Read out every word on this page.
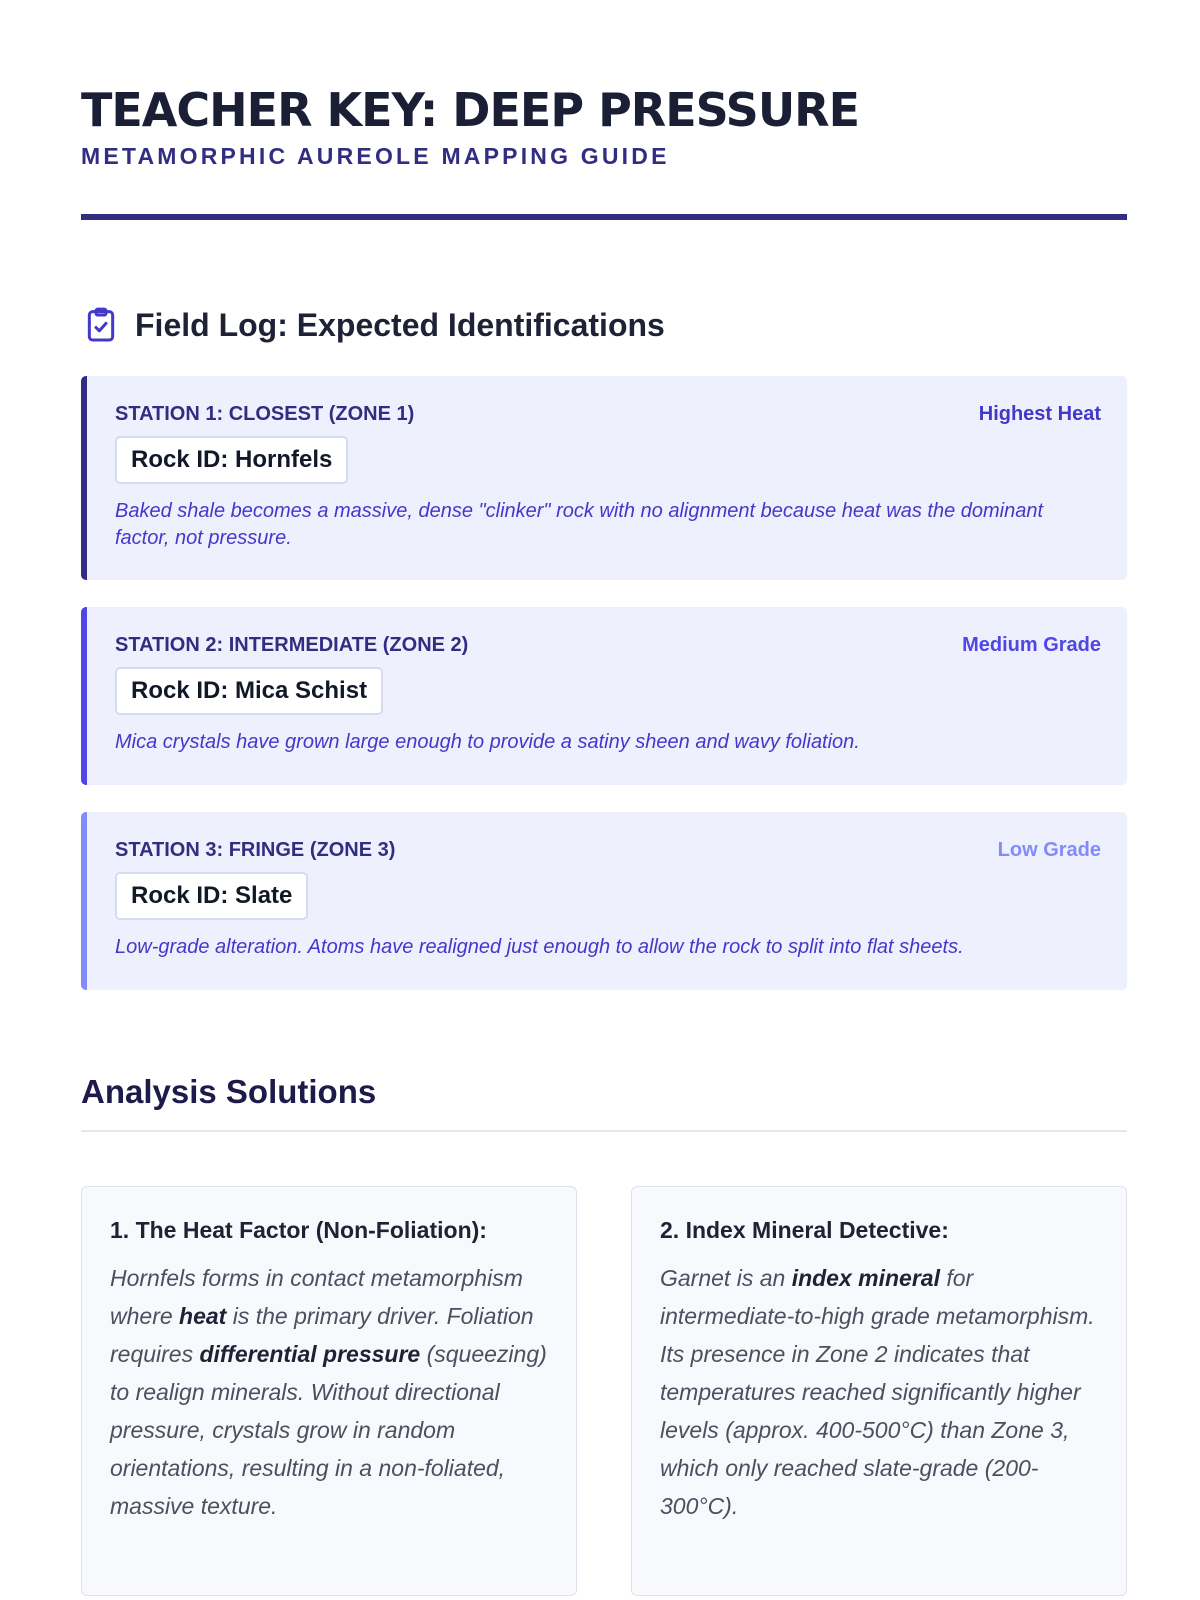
TEACHER KEY: DEEP PRESSURE
METAMORPHIC AUREOLE MAPPING GUIDE
Field Log: Expected Identifications
STATION 1: CLOSEST (ZONE 1)	Highest Heat
Rock ID: Hornfels

Baked shale becomes a massive, dense "clinker" rock with no alignment because heat was the dominant factor, not pressure.

STATION 2: INTERMEDIATE (ZONE 2)	Medium Grade
Rock ID: Mica Schist

Mica crystals have grown large enough to provide a satiny sheen and wavy foliation.

STATION 3: FRINGE (ZONE 3)	Low Grade
Rock ID: Slate

Low-grade alteration. Atoms have realigned just enough to allow the rock to split into flat sheets.

Analysis Solutions
1. The Heat Factor (Non-Foliation):

Hornfels forms in contact metamorphism where heat is the primary driver. Foliation requires differential pressure (squeezing) to realign minerals. Without directional pressure, crystals grow in random orientations, resulting in a non-foliated, massive texture.

2. Index Mineral Detective:

Garnet is an index mineral for intermediate-to-high grade metamorphism. Its presence in Zone 2 indicates that temperatures reached significantly higher levels (approx. 400-500°C) than Zone 3, which only reached slate-grade (200-300°C).
